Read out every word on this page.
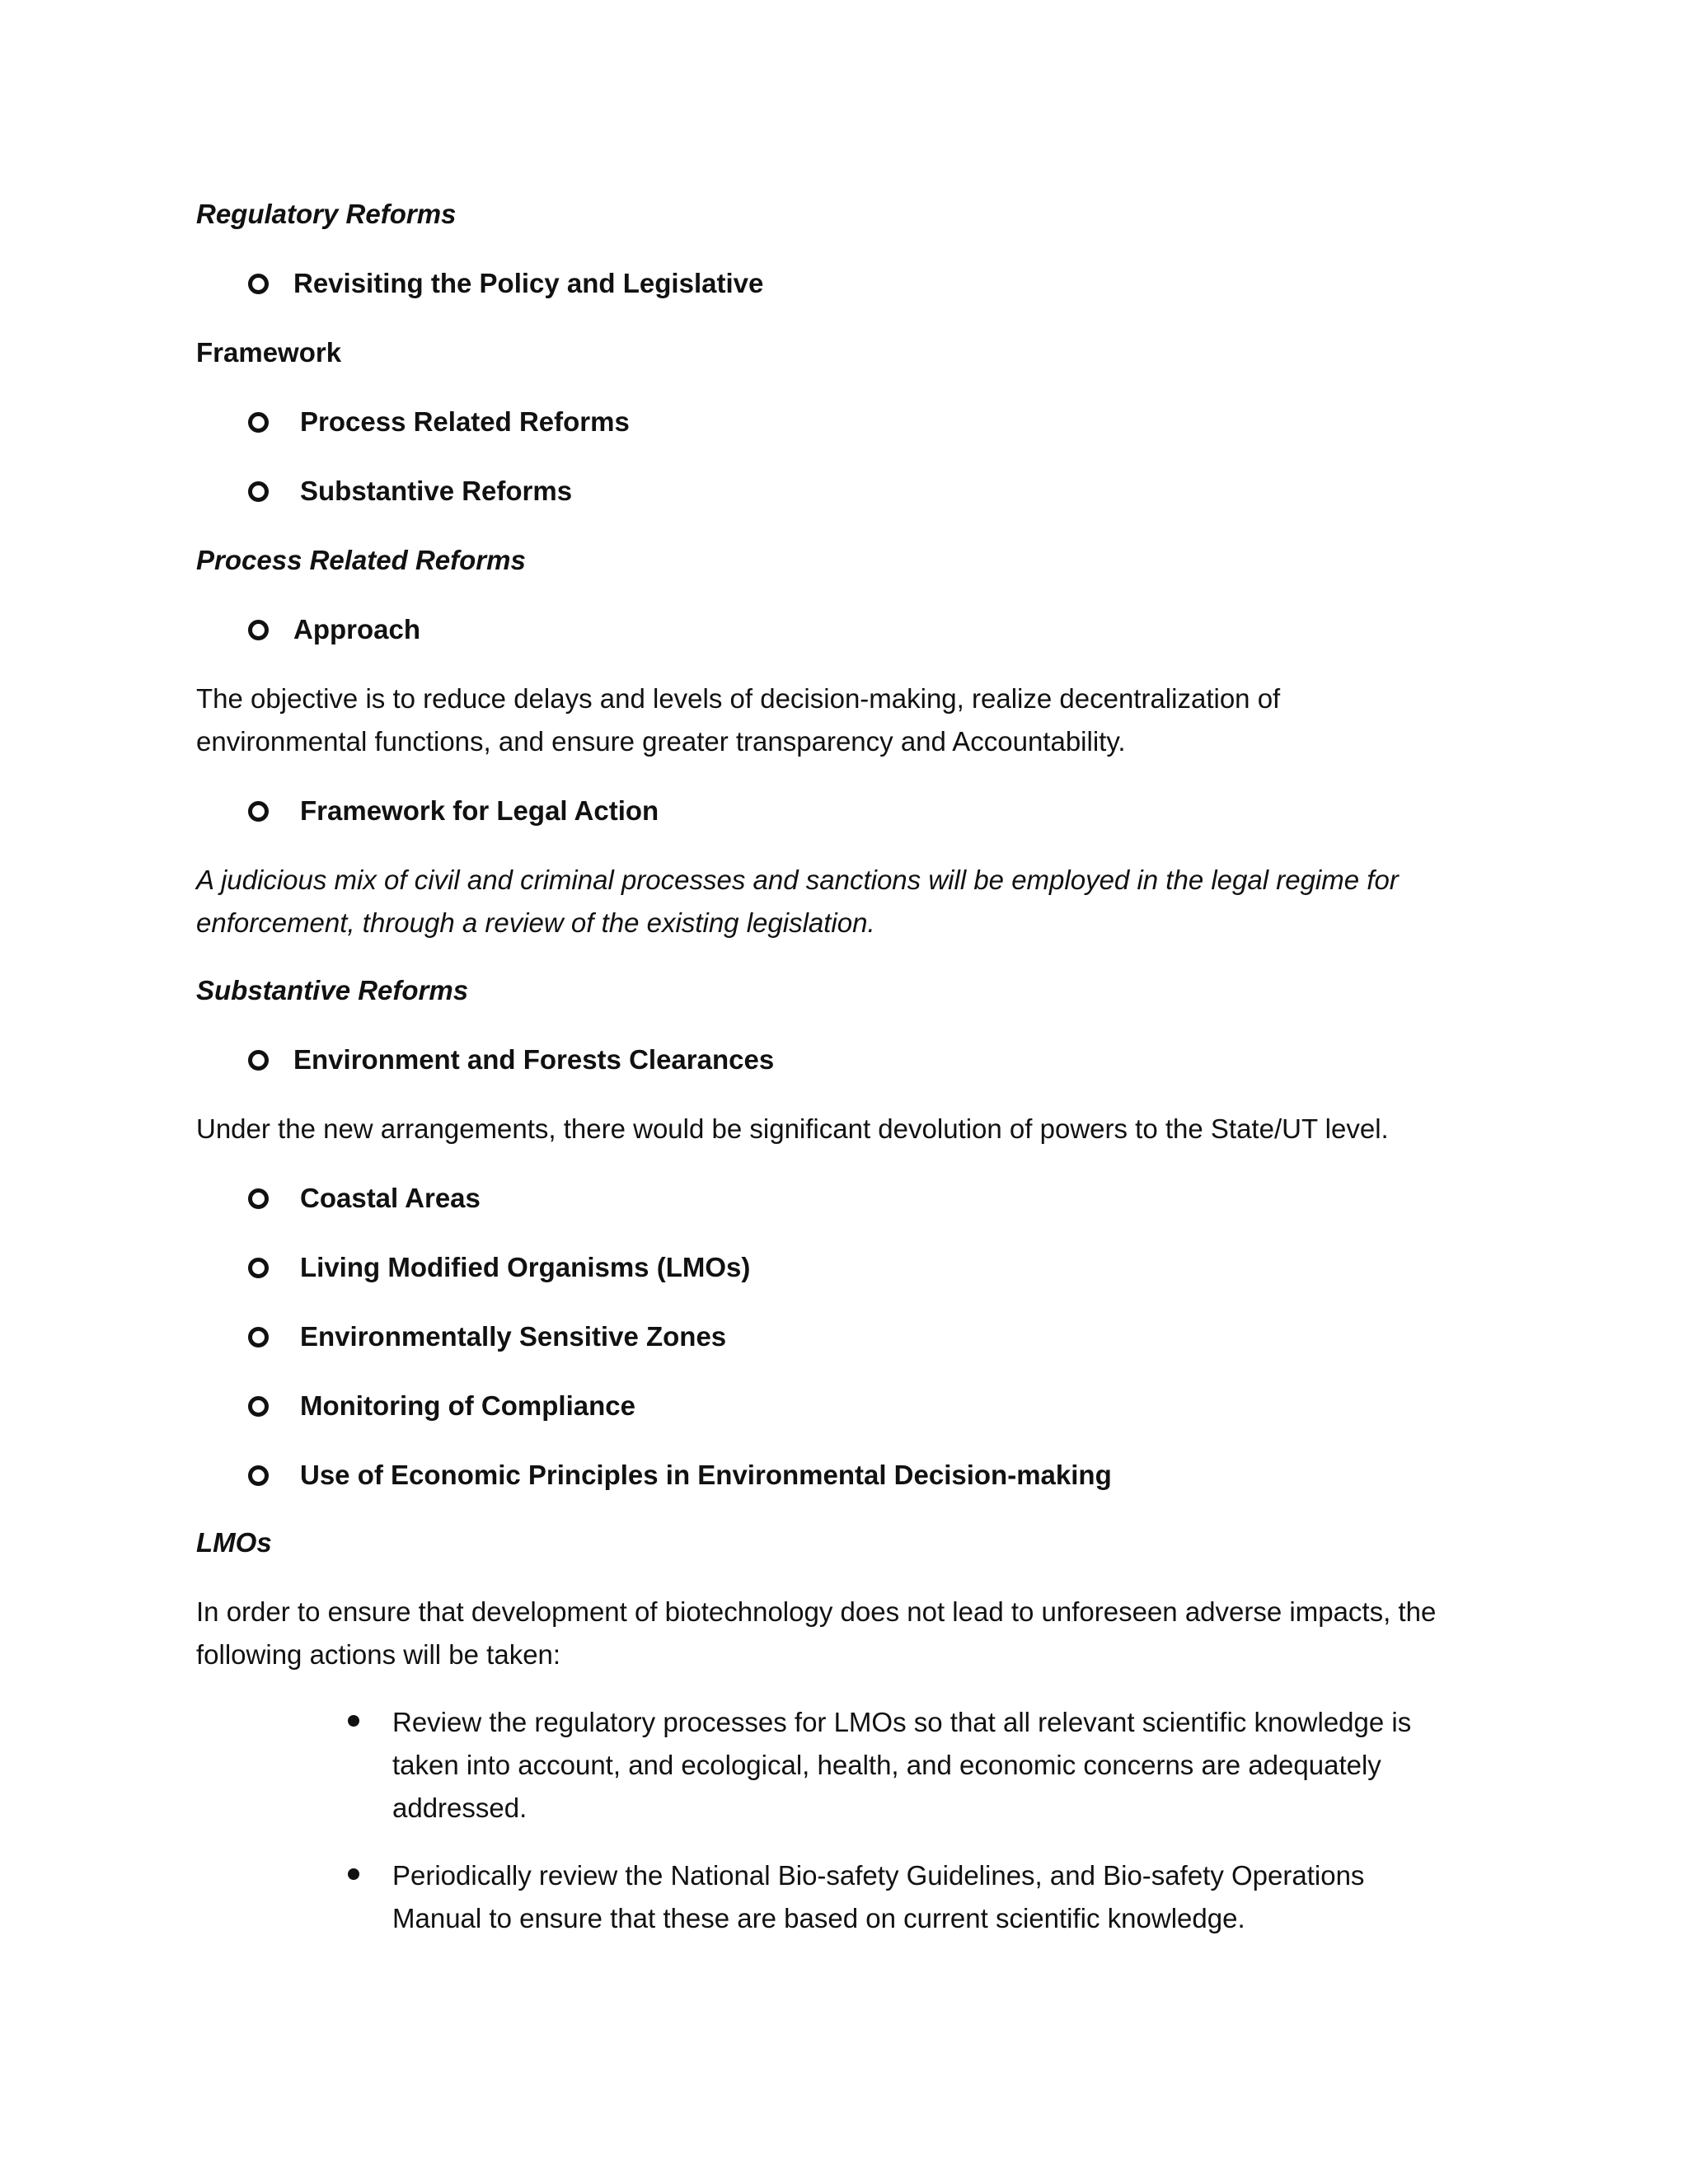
Regulatory Reforms
Revisiting the Policy and Legislative
Framework
Process Related Reforms
Substantive Reforms
Process Related Reforms
Approach
The objective is to reduce delays and levels of decision-making, realize decentralization of
environmental functions, and ensure greater transparency and Accountability.
Framework for Legal Action
A judicious mix of civil and criminal processes and sanctions will be employed in the legal regime for
enforcement, through a review of the existing legislation.
Substantive Reforms
Environment and Forests Clearances
Under the new arrangements, there would be significant devolution of powers to the State/UT level.
Coastal Areas
Living Modified Organisms (LMOs)
Environmentally Sensitive Zones
Monitoring of Compliance
Use of Economic Principles in Environmental Decision-making
LMOs
In order to ensure that development of biotechnology does not lead to unforeseen adverse impacts, the
following actions will be taken:
Review the regulatory processes for LMOs so that all relevant scientific knowledge is
taken into account, and ecological, health, and economic concerns are adequately
addressed.
Periodically review the National Bio-safety Guidelines, and Bio-safety Operations
Manual to ensure that these are based on current scientific knowledge.
